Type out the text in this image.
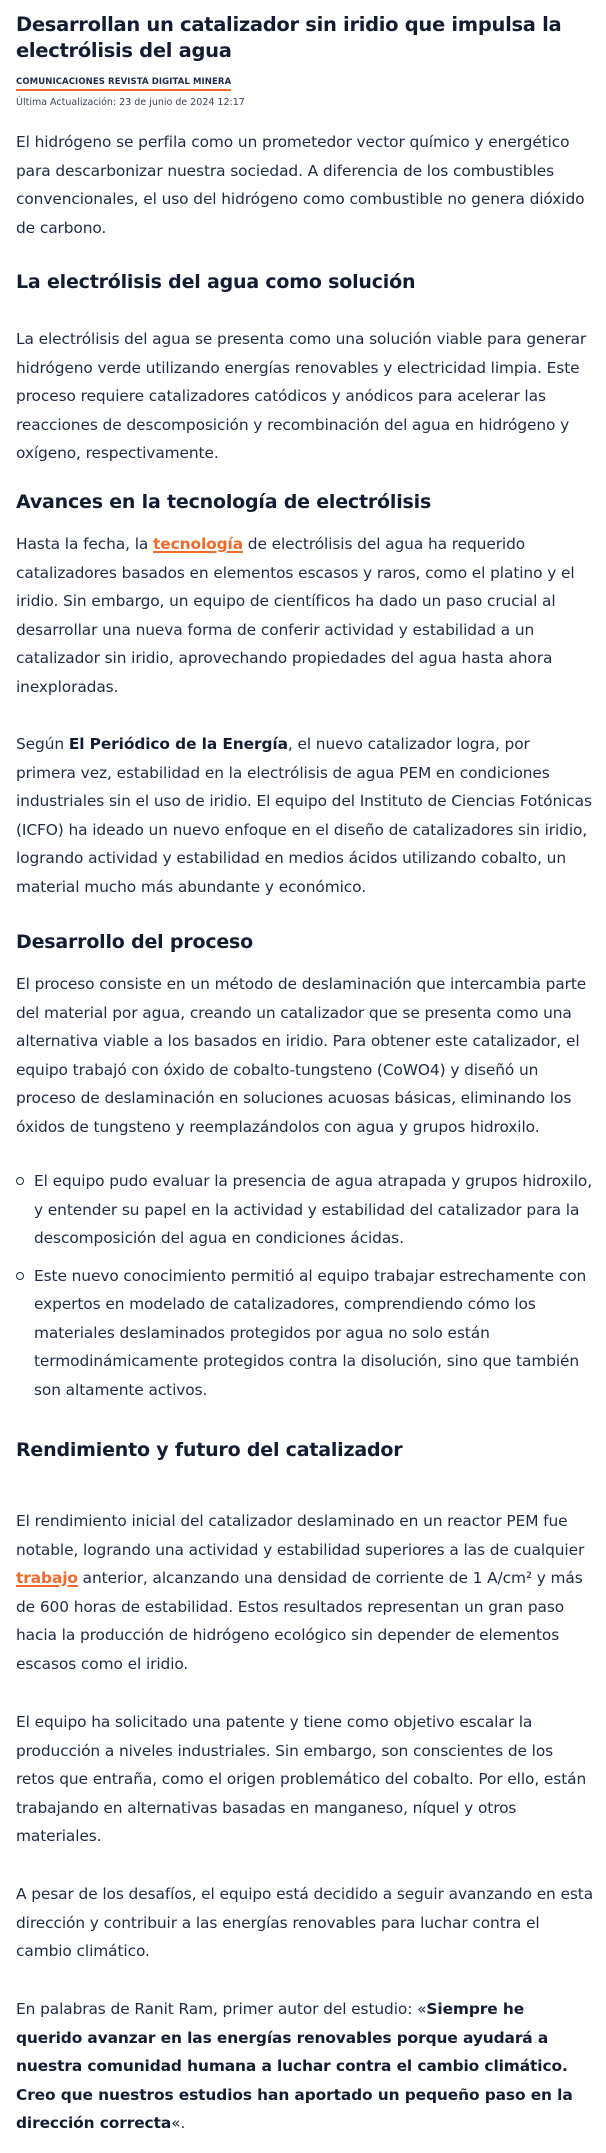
Desarrollan un catalizador sin iridio que impulsa la electrólisis del agua
COMUNICACIONES REVISTA DIGITAL MINERA
Última Actualización: 23 de junio de 2024 12:17

El hidrógeno se perfila como un prometedor vector químico y energético para descarbonizar nuestra sociedad. A diferencia de los combustibles convencionales, el uso del hidrógeno como combustible no genera dióxido de carbono.

La electrólisis del agua como solución

La electrólisis del agua se presenta como una solución viable para generar hidrógeno verde utilizando energías renovables y electricidad limpia. Este proceso requiere catalizadores catódicos y anódicos para acelerar las reacciones de descomposición y recombinación del agua en hidrógeno y oxígeno, respectivamente.

Avances en la tecnología de electrólisis

Hasta la fecha, la tecnología de electrólisis del agua ha requerido catalizadores basados en elementos escasos y raros, como el platino y el iridio. Sin embargo, un equipo de científicos ha dado un paso crucial al desarrollar una nueva forma de conferir actividad y estabilidad a un catalizador sin iridio, aprovechando propiedades del agua hasta ahora inexploradas.

Según El Periódico de la Energía, el nuevo catalizador logra, por primera vez, estabilidad en la electrólisis de agua PEM en condiciones industriales sin el uso de iridio. El equipo del Instituto de Ciencias Fotónicas (ICFO) ha ideado un nuevo enfoque en el diseño de catalizadores sin iridio, logrando actividad y estabilidad en medios ácidos utilizando cobalto, un material mucho más abundante y económico.

Desarrollo del proceso

El proceso consiste en un método de deslaminación que intercambia parte del material por agua, creando un catalizador que se presenta como una alternativa viable a los basados en iridio. Para obtener este catalizador, el equipo trabajó con óxido de cobalto-tungsteno (CoWO4) y diseñó un proceso de deslaminación en soluciones acuosas básicas, eliminando los óxidos de tungsteno y reemplazándolos con agua y grupos hidroxilo.

El equipo pudo evaluar la presencia de agua atrapada y grupos hidroxilo, y entender su papel en la actividad y estabilidad del catalizador para la descomposición del agua en condiciones ácidas.
Este nuevo conocimiento permitió al equipo trabajar estrechamente con expertos en modelado de catalizadores, comprendiendo cómo los materiales deslaminados protegidos por agua no solo están termodinámicamente protegidos contra la disolución, sino que también son altamente activos.
Rendimiento y futuro del catalizador

El rendimiento inicial del catalizador deslaminado en un reactor PEM fue notable, logrando una actividad y estabilidad superiores a las de cualquier trabajo anterior, alcanzando una densidad de corriente de 1 A/cm² y más de 600 horas de estabilidad. Estos resultados representan un gran paso hacia la producción de hidrógeno ecológico sin depender de elementos escasos como el iridio.

El equipo ha solicitado una patente y tiene como objetivo escalar la producción a niveles industriales. Sin embargo, son conscientes de los retos que entraña, como el origen problemático del cobalto. Por ello, están trabajando en alternativas basadas en manganeso, níquel y otros materiales.

A pesar de los desafíos, el equipo está decidido a seguir avanzando en esta dirección y contribuir a las energías renovables para luchar contra el cambio climático.

En palabras de Ranit Ram, primer autor del estudio: «Siempre he querido avanzar en las energías renovables porque ayudará a nuestra comunidad humana a luchar contra el cambio climático. Creo que nuestros estudios han aportado un pequeño paso en la dirección correcta«.
